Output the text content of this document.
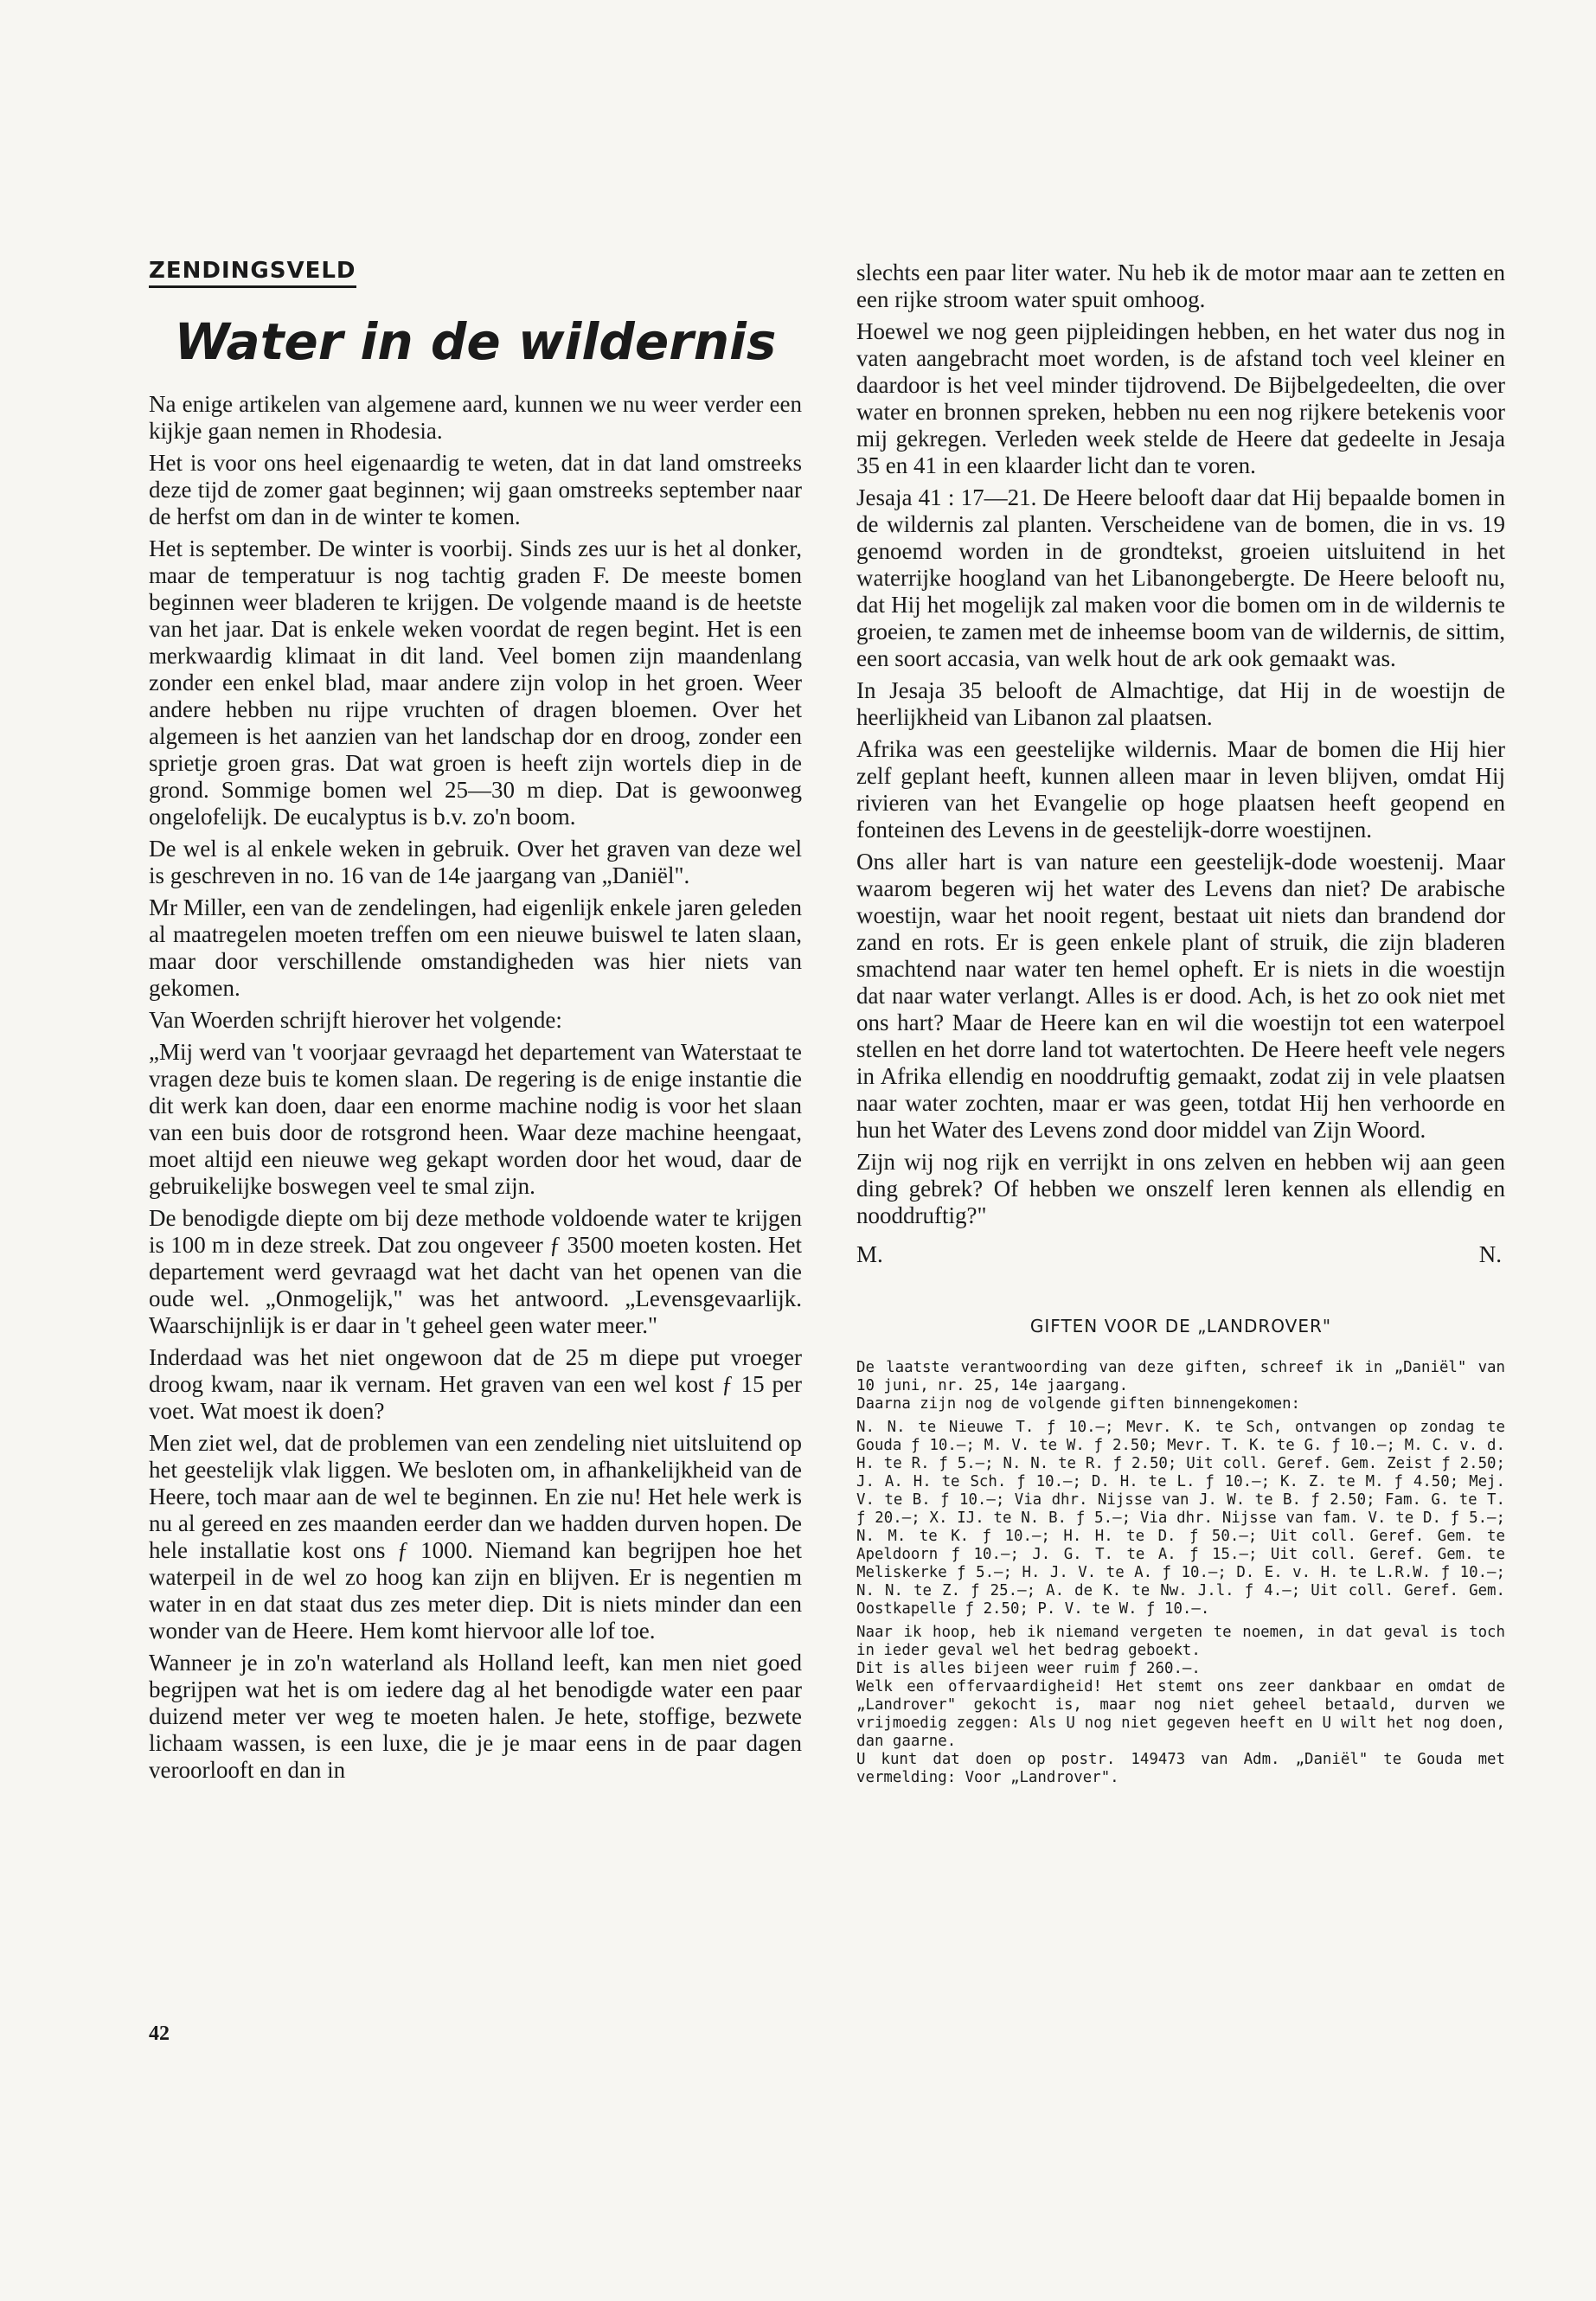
ZENDINGSVELD
Water in de wildernis

Na enige artikelen van algemene aard, kunnen we nu weer verder een kijkje gaan nemen in Rhodesia.

Het is voor ons heel eigenaardig te weten, dat in dat land omstreeks deze tijd de zomer gaat beginnen; wij gaan omstreeks september naar de herfst om dan in de winter te komen.

Het is september. De winter is voorbij. Sinds zes uur is het al donker, maar de temperatuur is nog tachtig graden F. De meeste bomen beginnen weer bladeren te krijgen. De volgende maand is de heetste van het jaar. Dat is enkele weken voordat de regen begint. Het is een merkwaardig klimaat in dit land. Veel bomen zijn maandenlang zonder een enkel blad, maar andere zijn volop in het groen. Weer andere hebben nu rijpe vruchten of dragen bloemen. Over het algemeen is het aanzien van het landschap dor en droog, zonder een sprietje groen gras. Dat wat groen is heeft zijn wortels diep in de grond. Sommige bomen wel 25—30 m diep. Dat is gewoonweg ongelofelijk. De eucalyptus is b.v. zo'n boom.

De wel is al enkele weken in gebruik. Over het graven van deze wel is geschreven in no. 16 van de 14e jaargang van „Daniël".

Mr Miller, een van de zendelingen, had eigenlijk enkele jaren geleden al maatregelen moeten treffen om een nieuwe buiswel te laten slaan, maar door verschillende omstandigheden was hier niets van gekomen.

Van Woerden schrijft hierover het volgende:

„Mij werd van 't voorjaar gevraagd het departement van Waterstaat te vragen deze buis te komen slaan. De regering is de enige instantie die dit werk kan doen, daar een enorme machine nodig is voor het slaan van een buis door de rotsgrond heen. Waar deze machine heengaat, moet altijd een nieuwe weg gekapt worden door het woud, daar de gebruikelijke boswegen veel te smal zijn.

De benodigde diepte om bij deze methode voldoende water te krijgen is 100 m in deze streek. Dat zou ongeveer ƒ 3500 moeten kosten. Het departement werd gevraagd wat het dacht van het openen van die oude wel. „Onmogelijk," was het antwoord. „Levensgevaarlijk. Waarschijnlijk is er daar in 't geheel geen water meer."

Inderdaad was het niet ongewoon dat de 25 m diepe put vroeger droog kwam, naar ik vernam. Het graven van een wel kost ƒ 15 per voet. Wat moest ik doen?

Men ziet wel, dat de problemen van een zendeling niet uitsluitend op het geestelijk vlak liggen. We besloten om, in afhankelijkheid van de Heere, toch maar aan de wel te beginnen. En zie nu! Het hele werk is nu al gereed en zes maanden eerder dan we hadden durven hopen. De hele installatie kost ons ƒ 1000. Niemand kan begrijpen hoe het waterpeil in de wel zo hoog kan zijn en blijven. Er is negentien m water in en dat staat dus zes meter diep. Dit is niets minder dan een wonder van de Heere. Hem komt hiervoor alle lof toe.

Wanneer je in zo'n waterland als Holland leeft, kan men niet goed begrijpen wat het is om iedere dag al het benodigde water een paar duizend meter ver weg te moeten halen. Je hete, stoffige, bezwete lichaam wassen, is een luxe, die je je maar eens in de paar dagen veroorlooft en dan in

slechts een paar liter water. Nu heb ik de motor maar aan te zetten en een rijke stroom water spuit omhoog.

Hoewel we nog geen pijpleidingen hebben, en het water dus nog in vaten aangebracht moet worden, is de afstand toch veel kleiner en daardoor is het veel minder tijdrovend. De Bijbelgedeelten, die over water en bronnen spreken, hebben nu een nog rijkere betekenis voor mij gekregen. Verleden week stelde de Heere dat gedeelte in Jesaja 35 en 41 in een klaarder licht dan te voren.

Jesaja 41 : 17—21. De Heere belooft daar dat Hij bepaalde bomen in de wildernis zal planten. Verscheidene van de bomen, die in vs. 19 genoemd worden in de grondtekst, groeien uitsluitend in het waterrijke hoogland van het Libanongebergte. De Heere belooft nu, dat Hij het mogelijk zal maken voor die bomen om in de wildernis te groeien, te zamen met de inheemse boom van de wildernis, de sittim, een soort accasia, van welk hout de ark ook gemaakt was.

In Jesaja 35 belooft de Almachtige, dat Hij in de woestijn de heerlijkheid van Libanon zal plaatsen.

Afrika was een geestelijke wildernis. Maar de bomen die Hij hier zelf geplant heeft, kunnen alleen maar in leven blijven, omdat Hij rivieren van het Evangelie op hoge plaatsen heeft geopend en fonteinen des Levens in de geestelijk-dorre woestijnen.

Ons aller hart is van nature een geestelijk-dode woestenij. Maar waarom begeren wij het water des Levens dan niet? De arabische woestijn, waar het nooit regent, bestaat uit niets dan brandend dor zand en rots. Er is geen enkele plant of struik, die zijn bladeren smachtend naar water ten hemel opheft. Er is niets in die woestijn dat naar water verlangt. Alles is er dood. Ach, is het zo ook niet met ons hart? Maar de Heere kan en wil die woestijn tot een waterpoel stellen en het dorre land tot watertochten. De Heere heeft vele negers in Afrika ellendig en nooddruftig gemaakt, zodat zij in vele plaatsen naar water zochten, maar er was geen, totdat Hij hen verhoorde en hun het Water des Levens zond door middel van Zijn Woord.

Zijn wij nog rijk en verrijkt in ons zelven en hebben wij aan geen ding gebrek? Of hebben we onszelf leren kennen als ellendig en nooddruftig?"

M.	N.
GIFTEN VOOR DE „LANDROVER"

De laatste verantwoording van deze giften, schreef ik in „Daniël" van 10 juni, nr. 25, 14e jaargang.

Daarna zijn nog de volgende giften binnengekomen:

N. N. te Nieuwe T. ƒ 10.—; Mevr. K. te Sch, ontvangen op zondag te Gouda ƒ 10.—; M. V. te W. ƒ 2.50; Mevr. T. K. te G. ƒ 10.—; M. C. v. d. H. te R. ƒ 5.—; N. N. te R. ƒ 2.50; Uit coll. Geref. Gem. Zeist ƒ 2.50; J. A. H. te Sch. ƒ 10.—; D. H. te L. ƒ 10.—; K. Z. te M. ƒ 4.50; Mej. V. te B. ƒ 10.—; Via dhr. Nijsse van J. W. te B. ƒ 2.50; Fam. G. te T. ƒ 20.—; X. IJ. te N. B. ƒ 5.—; Via dhr. Nijsse van fam. V. te D. ƒ 5.—; N. M. te K. ƒ 10.—; H. H. te D. ƒ 50.—; Uit coll. Geref. Gem. te Apeldoorn ƒ 10.—; J. G. T. te A. ƒ 15.—; Uit coll. Geref. Gem. te Meliskerke ƒ 5.—; H. J. V. te A. ƒ 10.—; D. E. v. H. te L.R.W. ƒ 10.—; N. N. te Z. ƒ 25.—; A. de K. te Nw. J.l. ƒ 4.—; Uit coll. Geref. Gem. Oostkapelle ƒ 2.50; P. V. te W. ƒ 10.—.

Naar ik hoop, heb ik niemand vergeten te noemen, in dat geval is toch in ieder geval wel het bedrag geboekt.

Dit is alles bijeen weer ruim ƒ 260.—.

Welk een offervaardigheid! Het stemt ons zeer dankbaar en omdat de „Landrover" gekocht is, maar nog niet geheel betaald, durven we vrijmoedig zeggen: Als U nog niet gegeven heeft en U wilt het nog doen, dan gaarne.

U kunt dat doen op postr. 149473 van Adm. „Daniël" te Gouda met vermelding: Voor „Landrover".

42
